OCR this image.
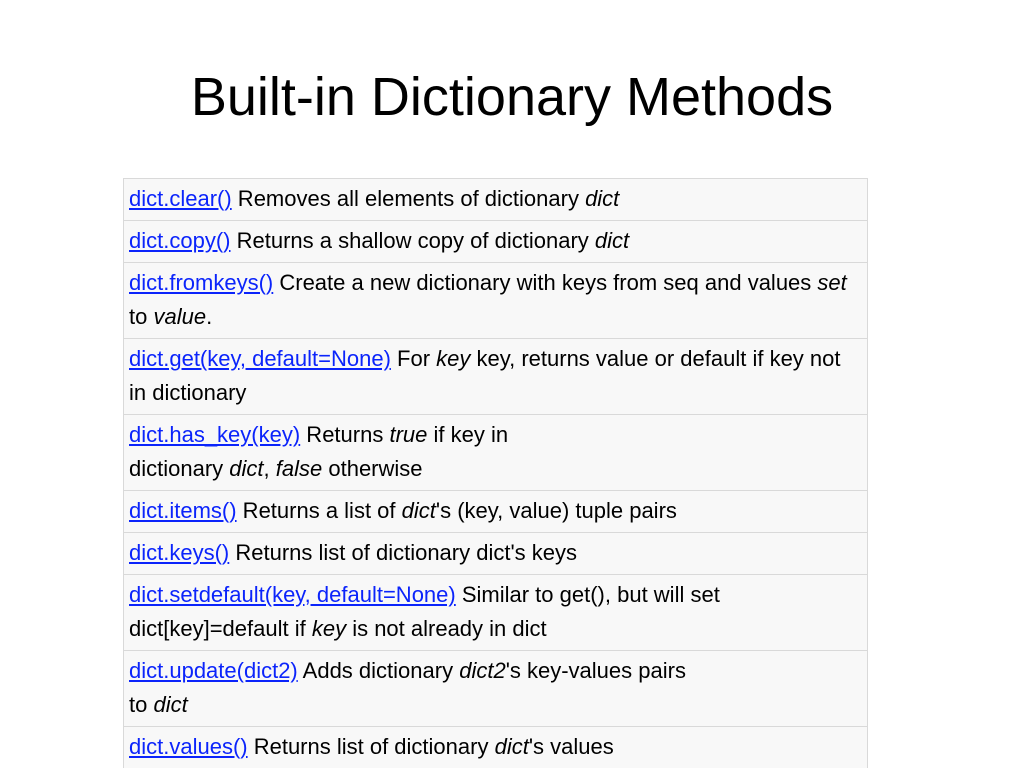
Built-in Dictionary Methods
dict.clear() Removes all elements of dictionary dict
dict.copy() Returns a shallow copy of dictionary dict
dict.fromkeys() Create a new dictionary with keys from seq and values set to value.
dict.get(key, default=None) For key key, returns value or default if key not in dictionary
dict.has_key(key) Returns true if key in
dictionary dict, false otherwise
dict.items() Returns a list of dict's (key, value) tuple pairs
dict.keys() Returns list of dictionary dict's keys
dict.setdefault(key, default=None) Similar to get(), but will set dict[key]=default if key is not already in dict
dict.update(dict2) Adds dictionary dict2's key-values pairs
to dict
dict.values() Returns list of dictionary dict's values
